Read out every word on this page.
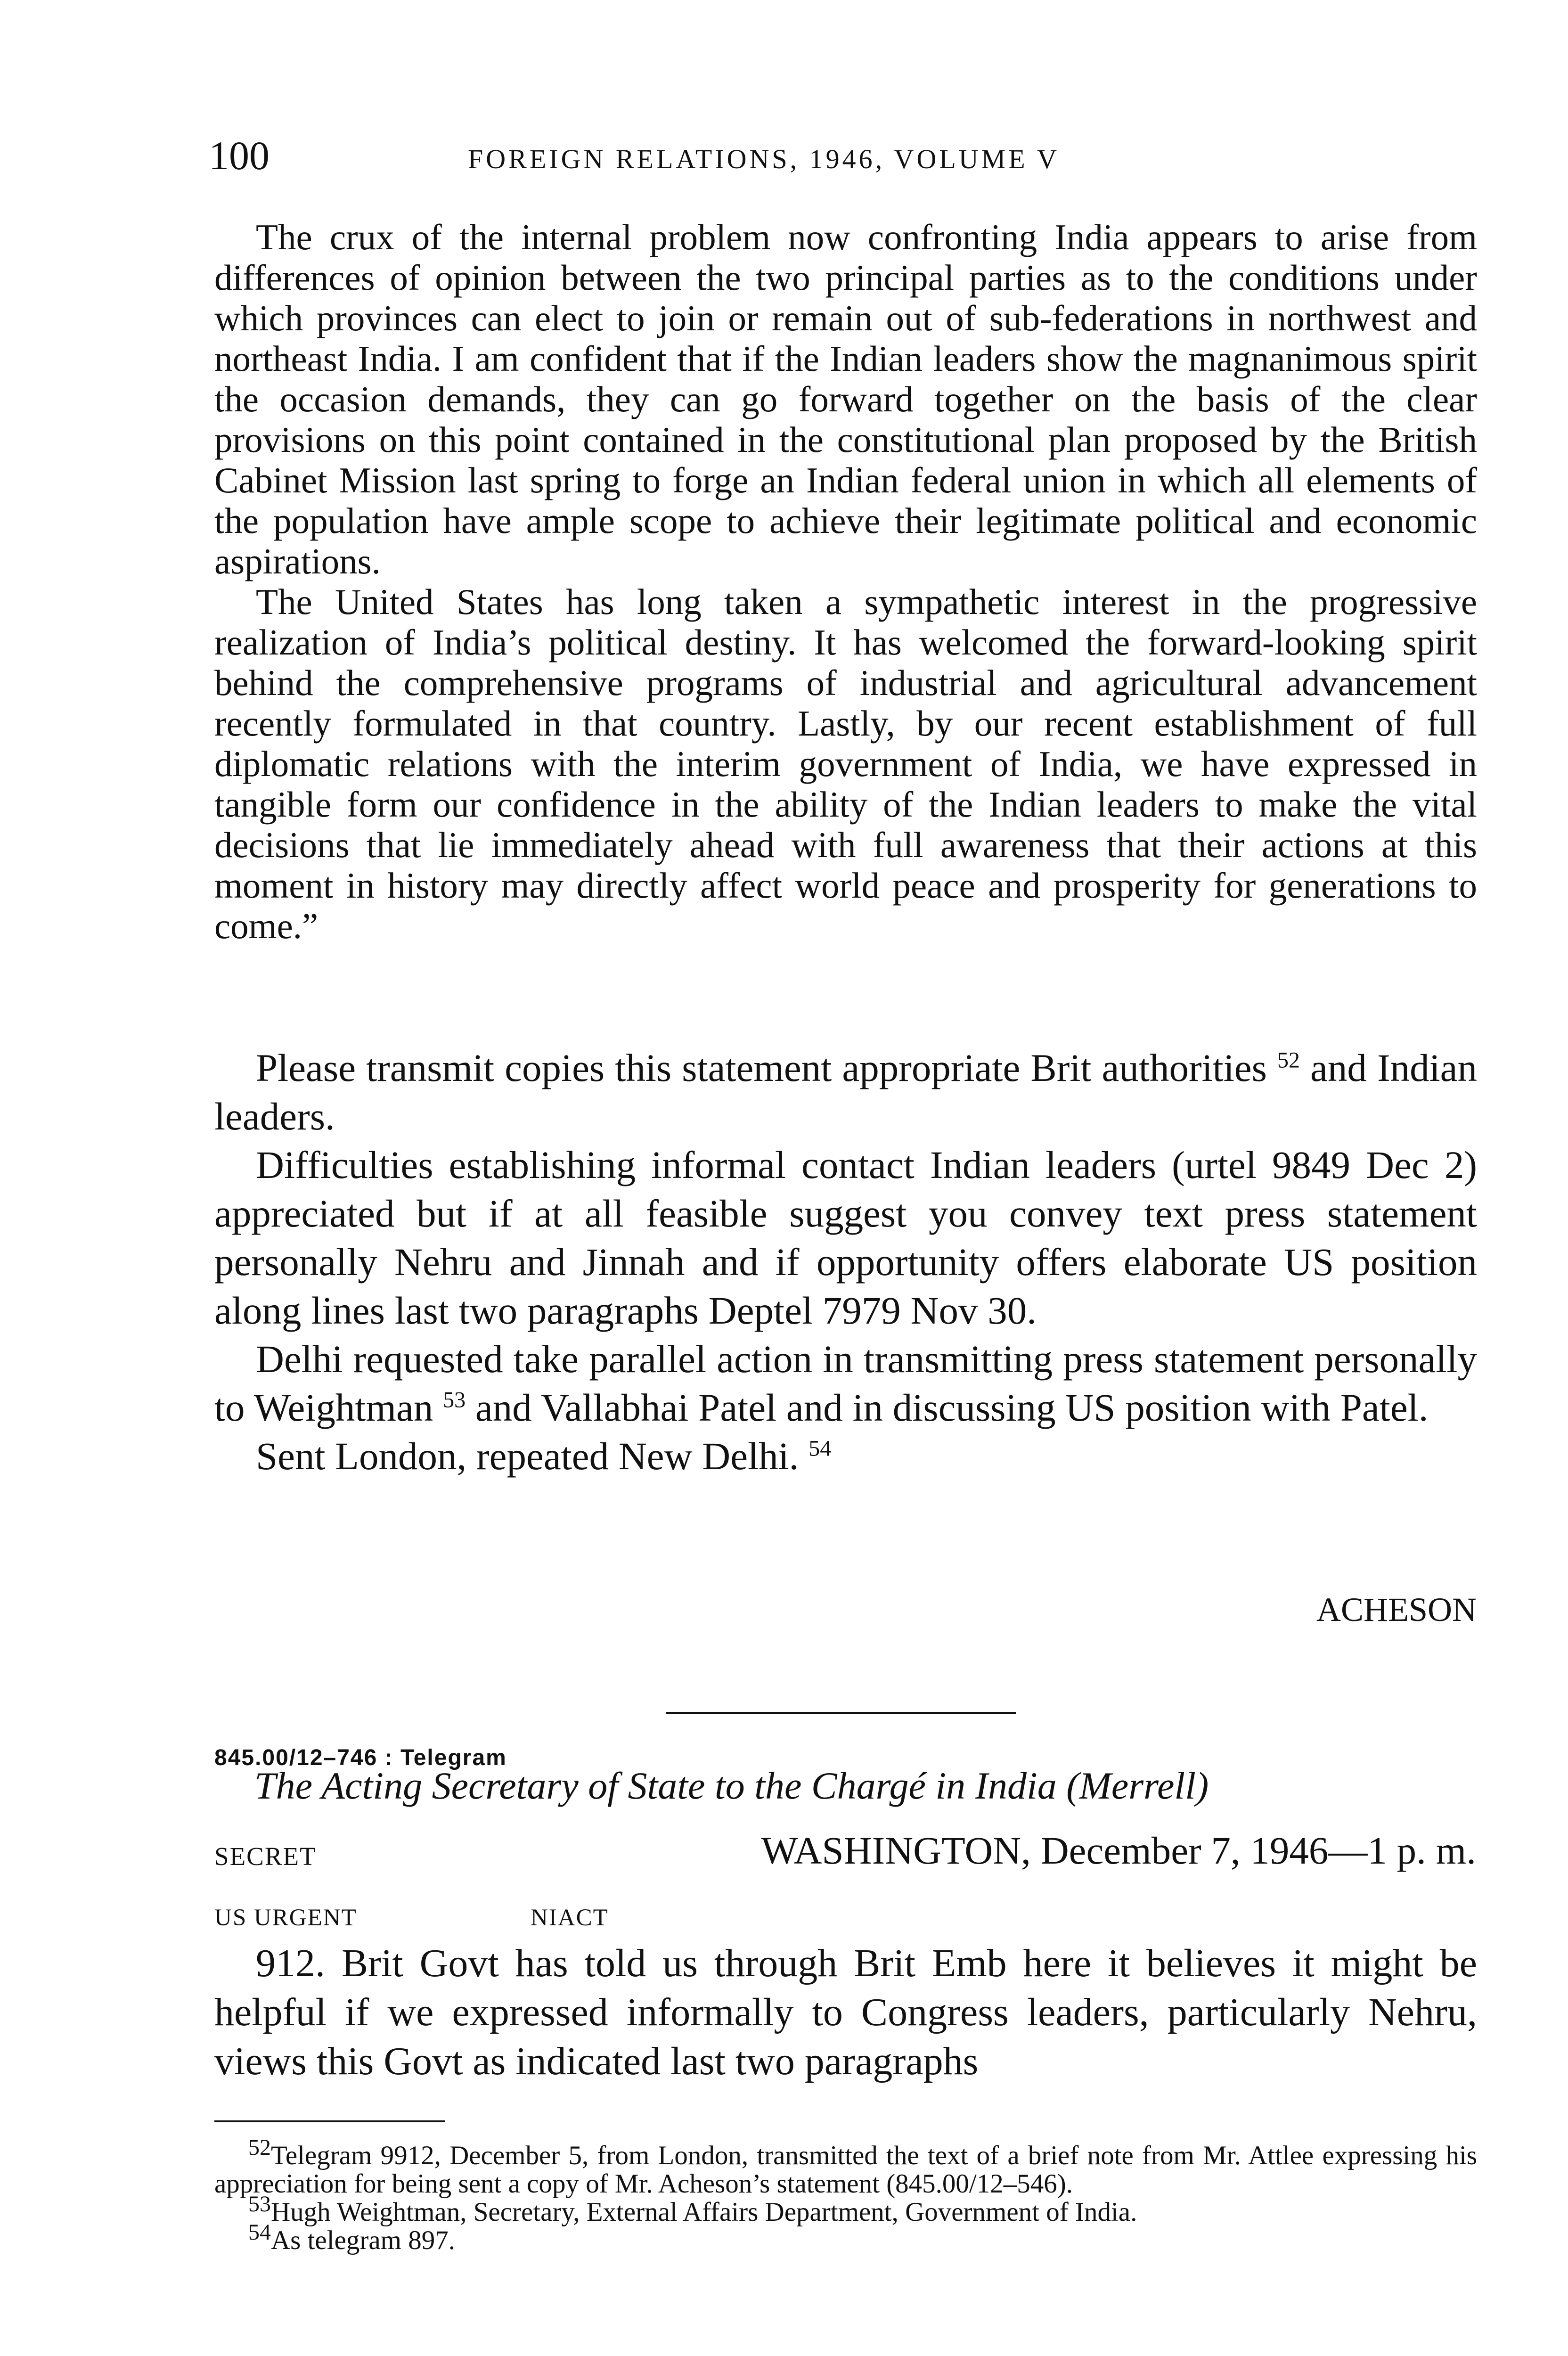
100	FOREIGN RELATIONS, 1946, VOLUME V

The crux of the internal problem now confronting India appears to arise from differences of opinion between the two principal parties as to the conditions under which provinces can elect to join or remain out of sub-federations in northwest and northeast India. I am confident that if the Indian leaders show the magnanimous spirit the occasion demands, they can go forward together on the basis of the clear provisions on this point contained in the constitutional plan proposed by the British Cabinet Mission last spring to forge an Indian federal union in which all elements of the population have ample scope to achieve their legitimate political and economic aspirations.

The United States has long taken a sympathetic interest in the progressive realization of India’s political destiny. It has welcomed the forward-looking spirit behind the comprehensive programs of industrial and agricultural advancement recently formulated in that country. Lastly, by our recent establishment of full diplomatic relations with the interim government of India, we have expressed in tangible form our confidence in the ability of the Indian leaders to make the vital decisions that lie immediately ahead with full awareness that their actions at this moment in history may directly affect world peace and prosperity for generations to come.”

Please transmit copies this statement appropriate Brit authorities $^{52}$ and Indian leaders.

Difficulties establishing informal contact Indian leaders (urtel 9849 Dec 2) appreciated but if at all feasible suggest you convey text press statement personally Nehru and Jinnah and if opportunity offers elaborate US position along lines last two paragraphs Deptel 7979 Nov 30.

Delhi requested take parallel action in transmitting press statement personally to Weightman $^{53}$ and Vallabhai Patel and in discussing US position with Patel.

Sent London, repeated New Delhi. $^{54}$

ACHESON
845.00/12–746 : Telegram
The Acting Secretary of State to the Chargé in India (Merrell)
SECRET	WASHINGTON, December 7, 1946—1 p. m.
US URGENT	NIACT

912. Brit Govt has told us through Brit Emb here it believes it might be helpful if we expressed informally to Congress leaders, particularly Nehru, views this Govt as indicated last two paragraphs

$^{52}$Telegram 9912, December 5, from London, transmitted the text of a brief note from Mr. Attlee expressing his appreciation for being sent a copy of Mr. Acheson’s statement (845.00/12–546).

$^{53}$Hugh Weightman, Secretary, External Affairs Department, Government of India.

$^{54}$As telegram 897.
